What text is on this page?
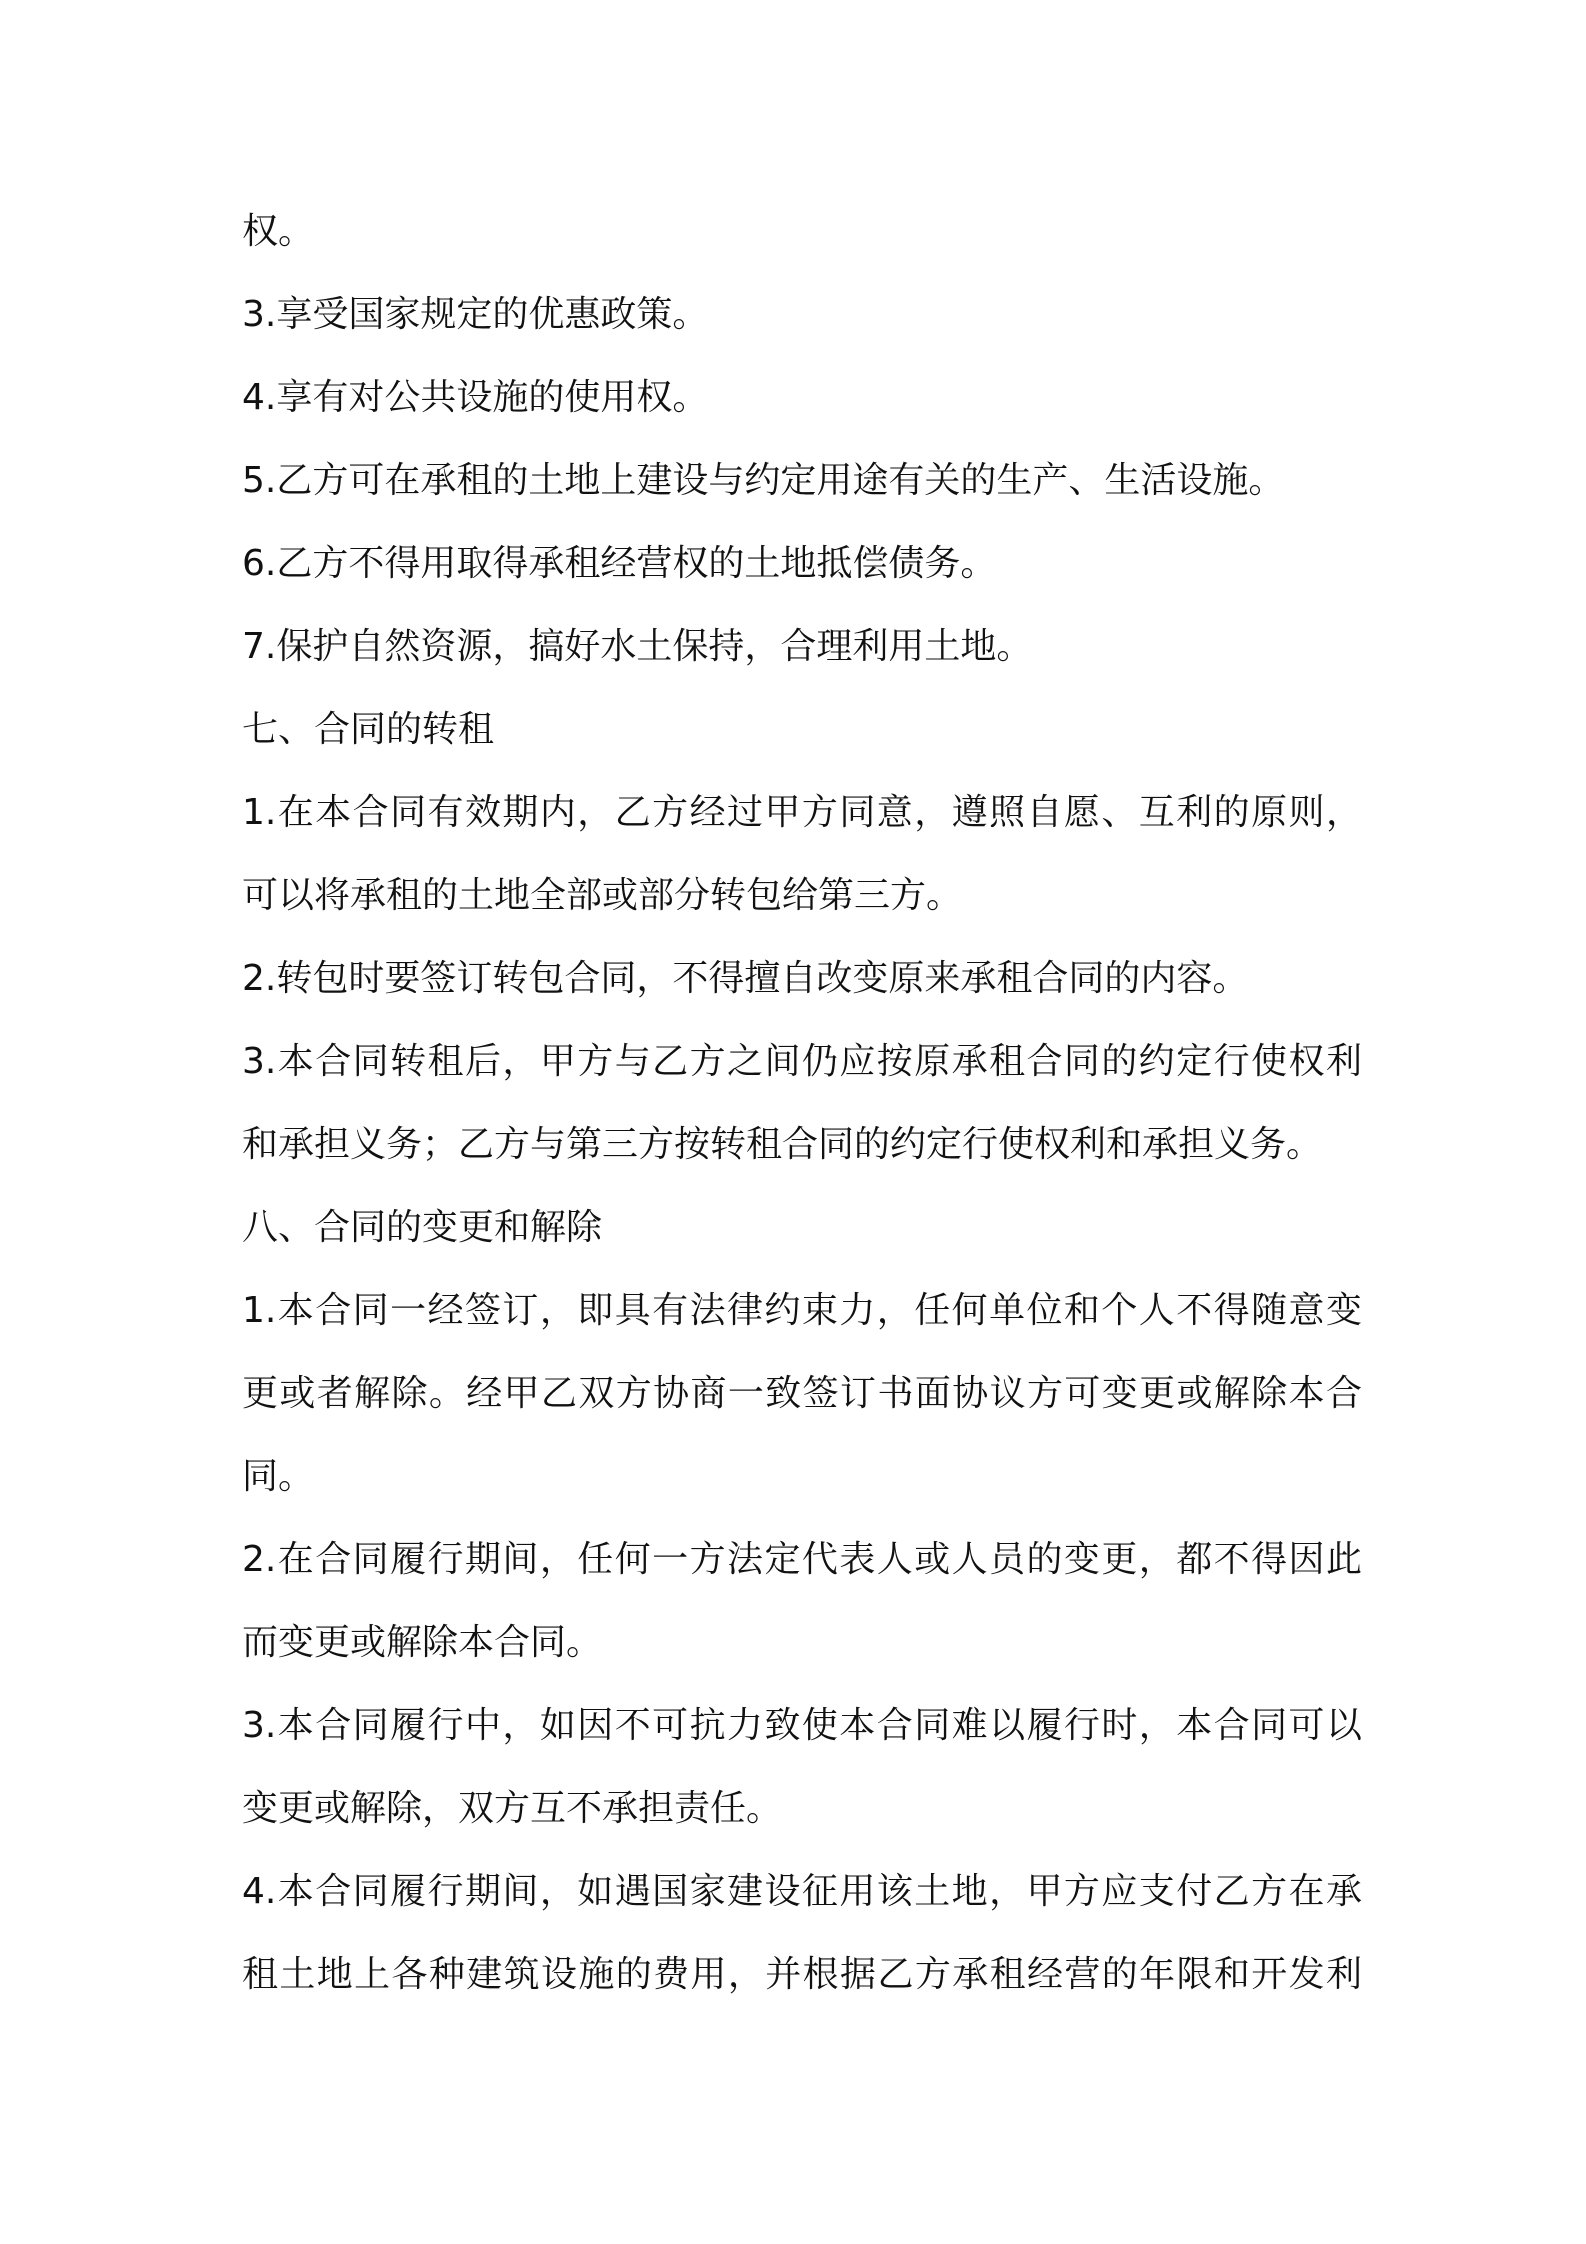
权。
3.享受国家规定的优惠政策。
4.享有对公共设施的使用权。
5.乙方可在承租的土地上建设与约定用途有关的生产、生活设施。
6.乙方不得用取得承租经营权的土地抵偿债务。
7.保护自然资源，搞好水土保持，合理利用土地。
七、合同的转租
1.在本合同有效期内，乙方经过甲方同意，遵照自愿、互利的原则，
可以将承租的土地全部或部分转包给第三方。
2.转包时要签订转包合同，不得擅自改变原来承租合同的内容。
3.本合同转租后，甲方与乙方之间仍应按原承租合同的约定行使权利
和承担义务；乙方与第三方按转租合同的约定行使权利和承担义务。
八、合同的变更和解除
1.本合同一经签订，即具有法律约束力，任何单位和个人不得随意变
更或者解除。经甲乙双方协商一致签订书面协议方可变更或解除本合
同。
2.在合同履行期间，任何一方法定代表人或人员的变更，都不得因此
而变更或解除本合同。
3.本合同履行中，如因不可抗力致使本合同难以履行时，本合同可以
变更或解除，双方互不承担责任。
4.本合同履行期间，如遇国家建设征用该土地，甲方应支付乙方在承
租土地上各种建筑设施的费用，并根据乙方承租经营的年限和开发利
